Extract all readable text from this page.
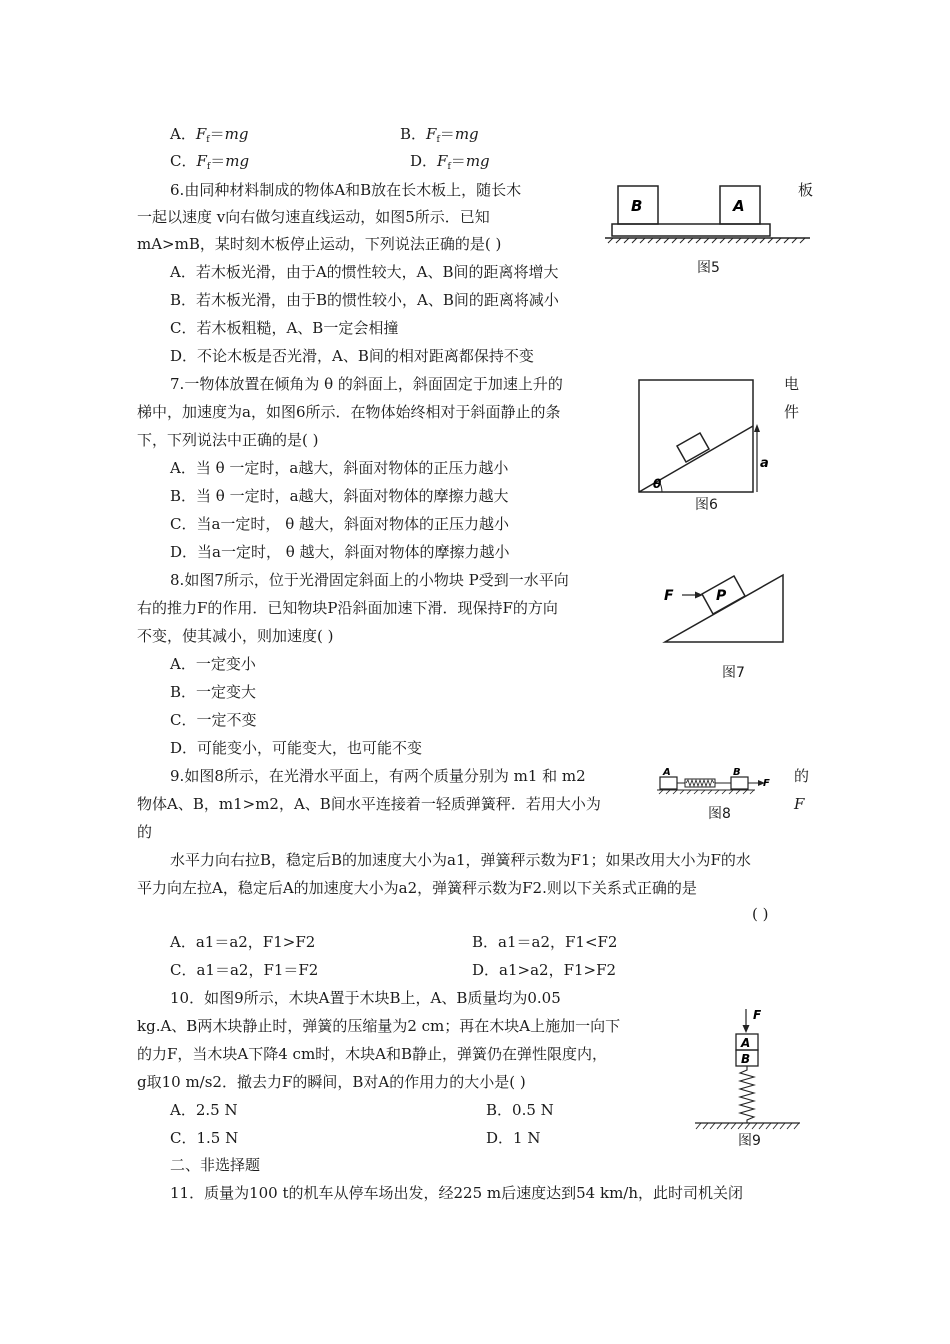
A．$F_f=mg$	B．$F_f=mg$
C．$F_f=mg$	D．$F_f=mg$
6.由同种材料制成的物体A和B放在长木板上，随长木	板
一起以速度 v向右做匀速直线运动，如图5所示．已知
mA>mB，某时刻木板停止运动，下列说法正确的是( )
A．若木板光滑，由于A的惯性较大，A、B间的距离将增大
B．若木板光滑，由于B的惯性较小，A、B间的距离将减小
C．若木板粗糙，A、B一定会相撞
D．不论木板是否光滑，A、B间的相对距离都保持不变
B	A
图5
7.一物体放置在倾角为 θ 的斜面上，斜面固定于加速上升的	电
梯中，加速度为a，如图6所示．在物体始终相对于斜面静止的条	件
下，下列说法中正确的是( )
A．当 θ 一定时，a越大，斜面对物体的正压力越小
B．当 θ 一定时，a越大，斜面对物体的摩擦力越大
C．当a一定时， θ 越大，斜面对物体的正压力越小
D．当a一定时， θ 越大，斜面对物体的摩擦力越小
θ
a
图6
8.如图7所示，位于光滑固定斜面上的小物块 P受到一水平向
右的推力F的作用．已知物块P沿斜面加速下滑．现保持F的方向
不变，使其减小，则加速度( )
A．一定变小
B．一定变大
C．一定不变
D．可能变小，可能变大，也可能不变
P
F
图7
9.如图8所示，在光滑水平面上，有两个质量分别为 m1 和 m2	的
物体A、B，m1>m2，A、B间水平连接着一轻质弹簧秤．若用大小为	F
的
水平力向右拉B，稳定后B的加速度大小为a1，弹簧秤示数为F1；如果改用大小为F的水
平力向左拉A，稳定后A的加速度大小为a2，弹簧秤示数为F2.则以下关系式正确的是
( )
A．a1＝a2，F1>F2	B．a1＝a2，F1<F2
C．a1＝a2，F1＝F2	D．a1>a2，F1>F2
A	B
F
图8
10．如图9所示，木块A置于木块B上，A、B质量均为0.05
kg.A、B两木块静止时，弹簧的压缩量为2 cm；再在木块A上施加一向下
的力F，当木块A下降4 cm时，木块A和B静止，弹簧仍在弹性限度内，
g取10 m/s2．撤去力F的瞬间，B对A的作用力的大小是( )
A．2.5 N	B．0.5 N
C．1.5 N	D．1 N
F
A
B
图9
二、非选择题
11．质量为100 t的机车从停车场出发，经225 m后速度达到54 km/h，此时司机关闭
